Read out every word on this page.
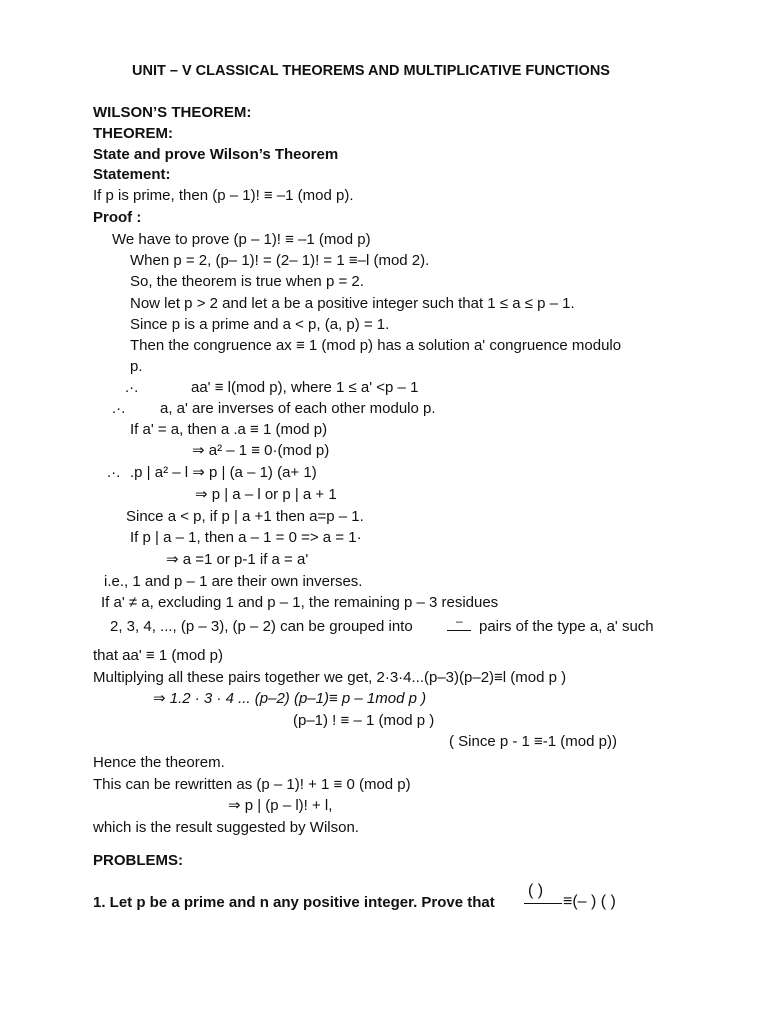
UNIT – V CLASSICAL THEOREMS AND MULTIPLICATIVE FUNCTIONS
WILSON’S THEOREM:
THEOREM:
State and prove Wilson’s Theorem
Statement:
If p is prime, then (p – 1)! ≡ –1 (mod p).
Proof :
We have to prove (p – 1)! ≡ –1 (mod p)
When p = 2, (p– 1)! = (2– 1)! = 1 ≡–l (mod 2).
So, the theorem is true when p = 2.
Now let p > 2 and let a be a positive integer such that 1 ≤ a ≤ p – 1.
Since p is a prime and a < p, (a, p) = 1.
Then the congruence ax ≡ 1 (mod p) has a solution a' congruence modulo
p.
.·.	aa' ≡ l(mod p), where 1 ≤ a' <p – 1
.·. a, a' are inverses of each other modulo p.
If a' = a, then a .a ≡ 1 (mod p)
⇒ a² – 1 ≡ 0·(mod p)
.·. .p | a² – l ⇒ p | (a – 1) (a+ 1)
⇒ p | a – l or p | a + 1
Since a < p, if p | a +1 then a=p – 1.
If p | a – 1, then a – 1 = 0 => a = 1·
⇒ a =1 or p-1 if a = a'
i.e., 1 and p – 1 are their own inverses.
If a' ≠ a, excluding 1 and p – 1, the remaining p – 3 residues
2, 3, 4, ..., (p – 3), (p – 2) can be grouped into	– pairs of the type a, a' such
that aa' ≡ 1 (mod p)
Multiplying all these pairs together we get, 2·3·4...(p–3)(p–2)≡l (mod p )
⇒ 1.2 · 3 · 4 ... (p–2) (p–1)≡ p – 1mod p )
(p–1) ! ≡ – 1 (mod p )
( Since p - 1 ≡-1 (mod p))
Hence the theorem.
This can be rewritten as (p – 1)! + 1 ≡ 0 (mod p)
⇒ p | (p – l)! + l,
which is the result suggested by Wilson.
PROBLEMS:
1. Let p be a prime and n any positive integer. Prove that
( )
≡(– ) ( )
